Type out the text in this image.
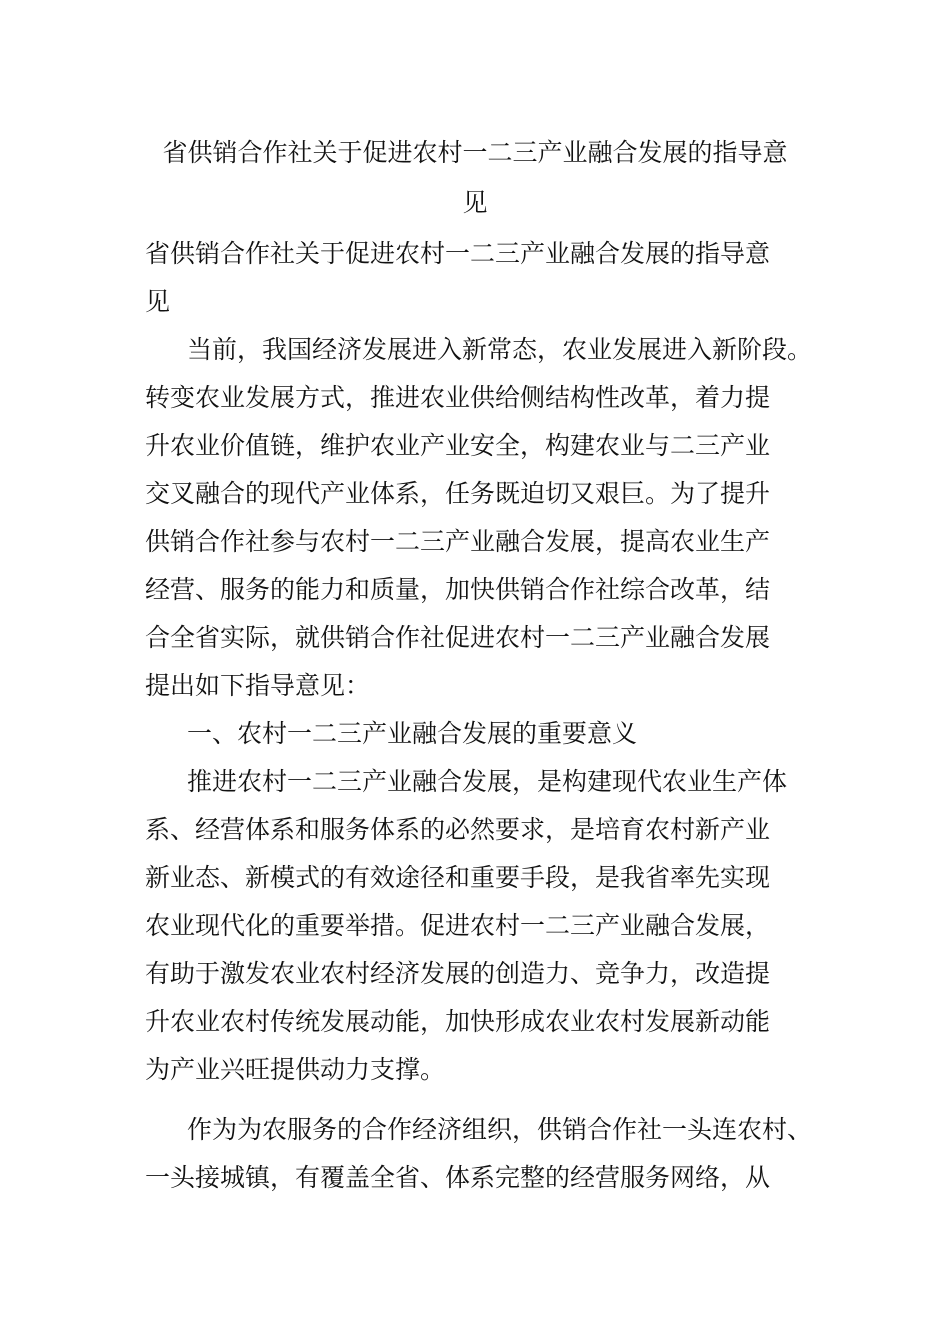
省供销合作社关于促进农村一二三产业融合发展的指导意
见
省供销合作社关于促进农村一二三产业融合发展的指导意
见
当前，我国经济发展进入新常态，农业发展进入新阶段。
转变农业发展方式，推进农业供给侧结构性改革，着力提
升农业价值链，维护农业产业安全，构建农业与二三产业
交叉融合的现代产业体系，任务既迫切又艰巨。为了提升
供销合作社参与农村一二三产业融合发展，提高农业生产
经营、服务的能力和质量，加快供销合作社综合改革，结
合全省实际，就供销合作社促进农村一二三产业融合发展
提出如下指导意见：
一、农村一二三产业融合发展的重要意义
推进农村一二三产业融合发展，是构建现代农业生产体
系、经营体系和服务体系的必然要求，是培育农村新产业
新业态、新模式的有效途径和重要手段，是我省率先实现
农业现代化的重要举措。促进农村一二三产业融合发展，
有助于激发农业农村经济发展的创造力、竞争力，改造提
升农业农村传统发展动能，加快形成农业农村发展新动能
为产业兴旺提供动力支撑。
作为为农服务的合作经济组织，供销合作社一头连农村、
一头接城镇，有覆盖全省、体系完整的经营服务网络，从
